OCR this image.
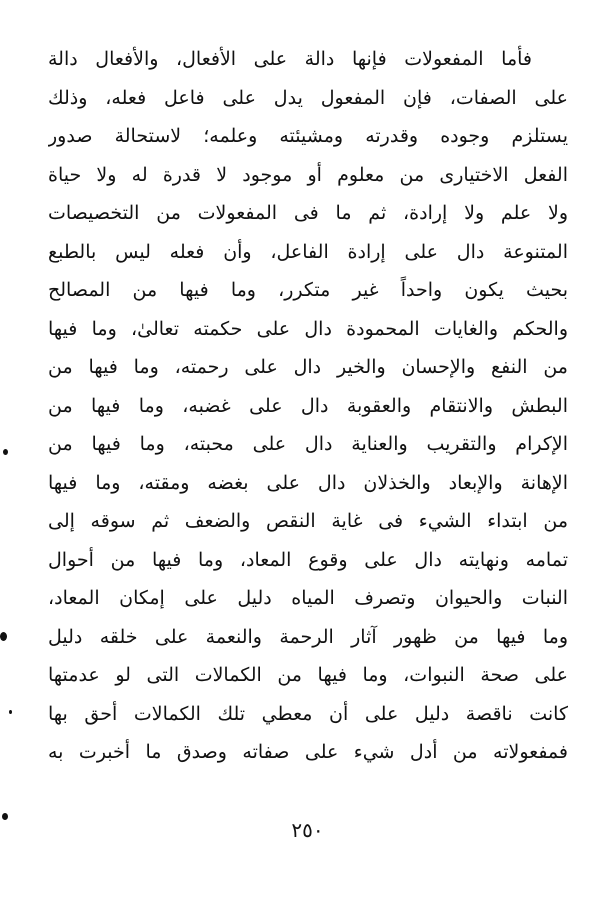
فأما المفعولات فإنها دالة على الأفعال، والأفعال دالة
على الصفات، فإن المفعول يدل على فاعل فعله، وذلك
يستلزم وجوده وقدرته ومشيئته وعلمه؛ لاستحالة صدور
الفعل الاختيارى من معلوم أو موجود لا قدرة له ولا حياة
ولا علم ولا إرادة، ثم ما فى المفعولات من التخصيصات
المتنوعة دال على إرادة الفاعل، وأن فعله ليس بالطبع
بحيث يكون واحداً غير متكرر، وما فيها من المصالح
والحكم والغايات المحمودة دال على حكمته تعالىٰ، وما فيها
من النفع والإحسان والخير دال على رحمته، وما فيها من
البطش والانتقام والعقوبة دال على غضبه، وما فيها من
الإكرام والتقريب والعناية دال على محبته، وما فيها من
الإهانة والإبعاد والخذلان دال على بغضه ومقته، وما فيها
من ابتداء الشيء فى غاية النقص والضعف ثم سوقه إلى
تمامه ونهايته دال على وقوع المعاد، وما فيها من أحوال
النبات والحيوان وتصرف المياه دليل على إمكان المعاد،
وما فيها من ظهور آثار الرحمة والنعمة على خلقه دليل
على صحة النبوات، وما فيها من الكمالات التى لو عدمتها
كانت ناقصة دليل على أن معطي تلك الكمالات أحق بها
فمفعولاته من أدل شيء على صفاته وصدق ما أخبرت به
٢٥٠
